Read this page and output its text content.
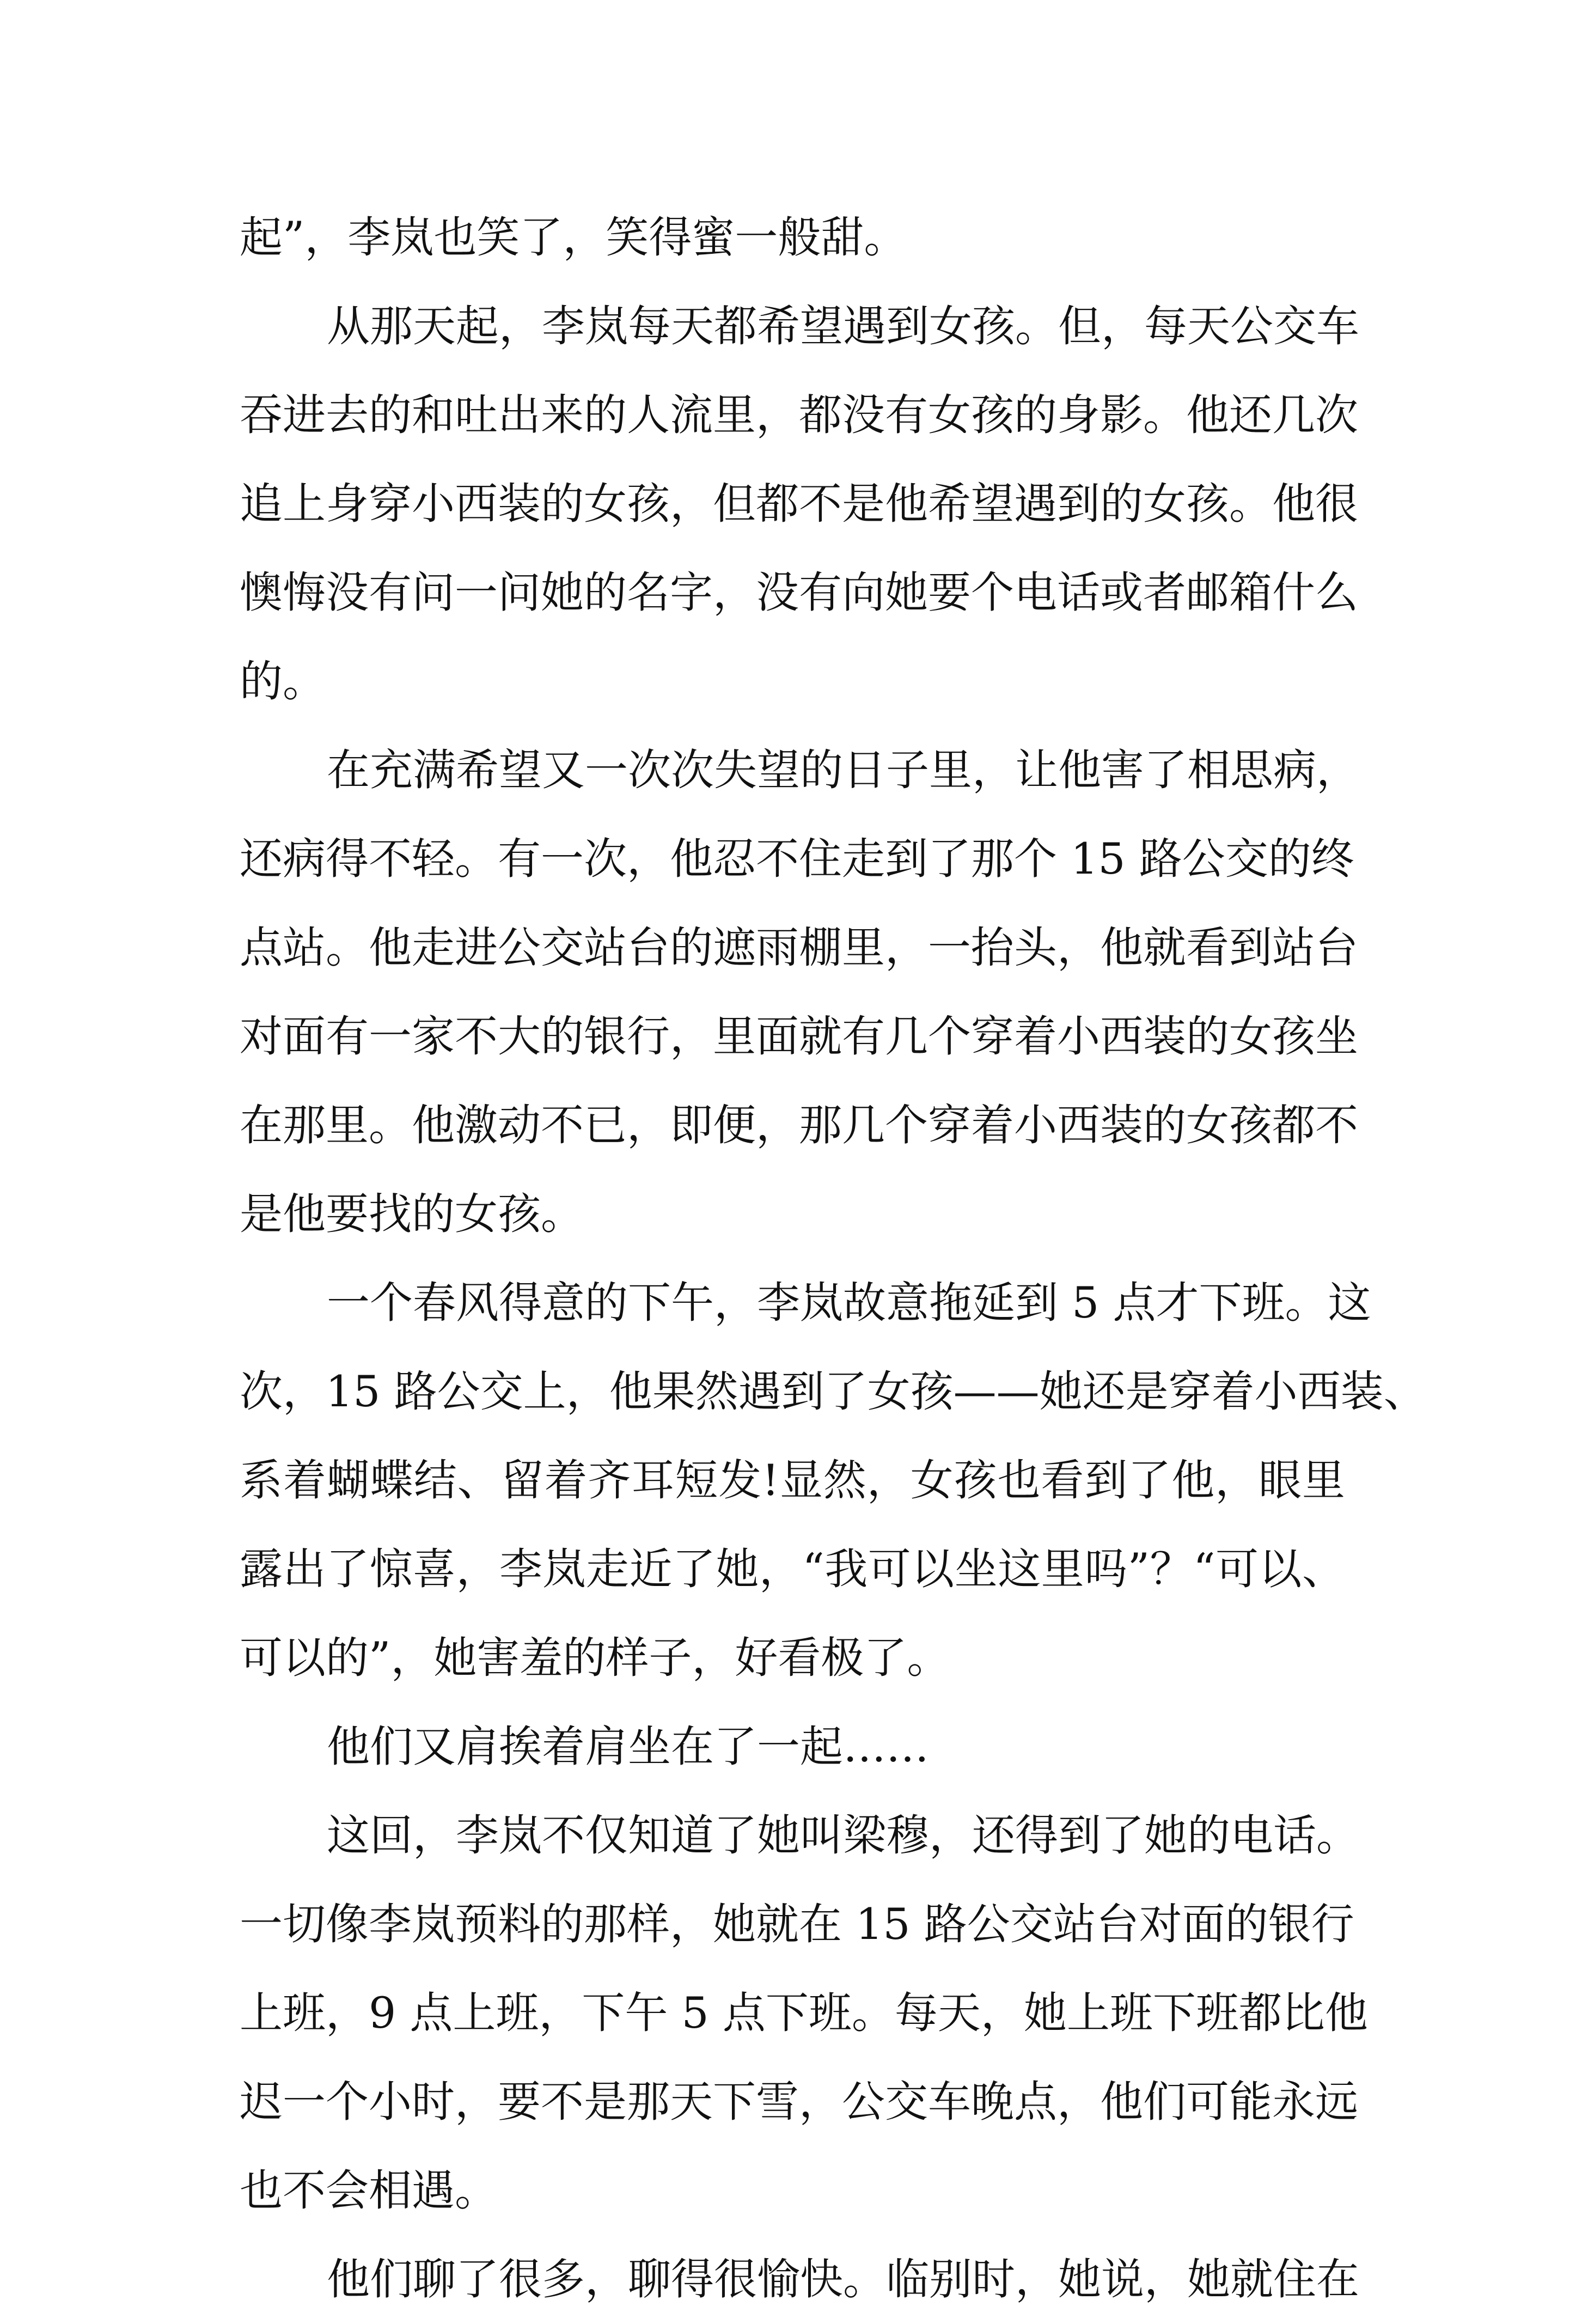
起”，李岚也笑了，笑得蜜一般甜。
从那天起，李岚每天都希望遇到女孩。但，每天公交车
吞进去的和吐出来的人流里，都没有女孩的身影。他还几次
追上身穿小西装的女孩，但都不是他希望遇到的女孩。他很
懊悔没有问一问她的名字，没有向她要个电话或者邮箱什么
的。
在充满希望又一次次失望的日子里，让他害了相思病，
还病得不轻。有一次，他忍不住走到了那个 15 路公交的终
点站。他走进公交站台的遮雨棚里，一抬头，他就看到站台
对面有一家不大的银行，里面就有几个穿着小西装的女孩坐
在那里。他激动不已，即便，那几个穿着小西装的女孩都不
是他要找的女孩。
一个春风得意的下午，李岚故意拖延到 5 点才下班。这
次，15 路公交上，他果然遇到了女孩——她还是穿着小西装、
系着蝴蝶结、留着齐耳短发!显然，女孩也看到了他，眼里
露出了惊喜，李岚走近了她，“我可以坐这里吗”？“可以、
可以的”，她害羞的样子，好看极了。
他们又肩挨着肩坐在了一起……
这回，李岚不仅知道了她叫梁穆，还得到了她的电话。
一切像李岚预料的那样，她就在 15 路公交站台对面的银行
上班，9 点上班，下午 5 点下班。每天，她上班下班都比他
迟一个小时，要不是那天下雪，公交车晚点，他们可能永远
也不会相遇。
他们聊了很多，聊得很愉快。临别时，她说，她就住在
